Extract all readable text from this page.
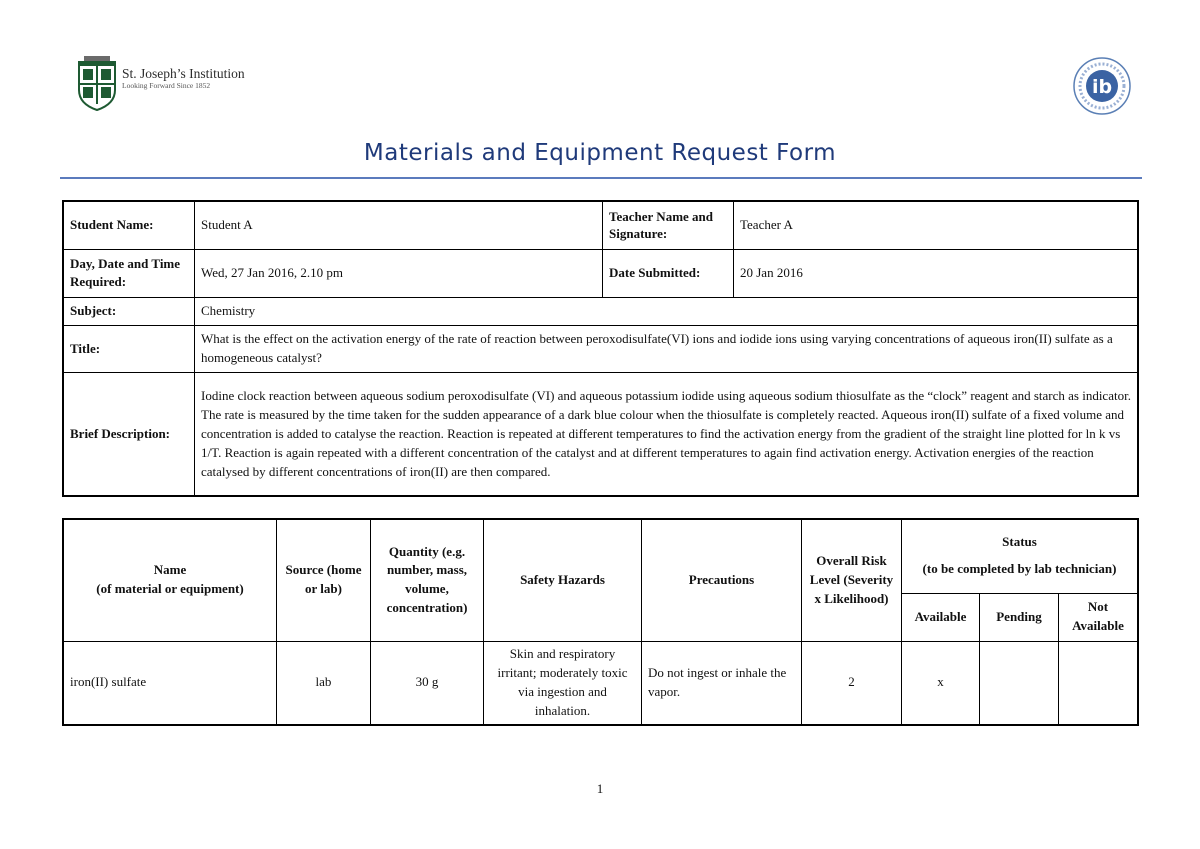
St. Joseph’s Institution
Looking Forward Since 1852	ib
Materials and Equipment Request Form
Student Name:	Student A	Teacher Name and Signature:	Teacher A
Day, Date and Time Required:	Wed, 27 Jan 2016, 2.10 pm	Date Submitted:	20 Jan 2016
Subject:	Chemistry		
Title:	What is the effect on the activation energy of the rate of reaction between peroxodisulfate(VI) ions and iodide ions using varying concentrations of aqueous iron(II) sulfate as a homogeneous catalyst?		
Brief Description:	Iodine clock reaction between aqueous sodium peroxodisulfate (VI) and aqueous potassium iodide using aqueous sodium thiosulfate as the “clock” reagent and starch as indicator. The rate is measured by the time taken for the sudden appearance of a dark blue colour when the thiosulfate is completely reacted. Aqueous iron(II) sulfate of a fixed volume and concentration is added to catalyse the reaction. Reaction is repeated at different temperatures to find the activation energy from the gradient of the straight line plotted for ln k vs 1/T. Reaction is again repeated with a different concentration of the catalyst and at different temperatures to again find activation energy. Activation energies of the reaction catalysed by different concentrations of iron(II) are then compared.		
Name
(of material or equipment)	Source (home or lab)	Quantity (e.g. number, mass, volume, concentration)	Safety Hazards	Precautions	Overall Risk Level (Severity x Likelihood)	Status
(to be completed by lab technician)		

						Available	Pending	Not Available
iron(II) sulfate	lab	30 g	Skin and respiratory irritant; moderately toxic via ingestion and inhalation.	Do not ingest or inhale the vapor.	2	x		
1
